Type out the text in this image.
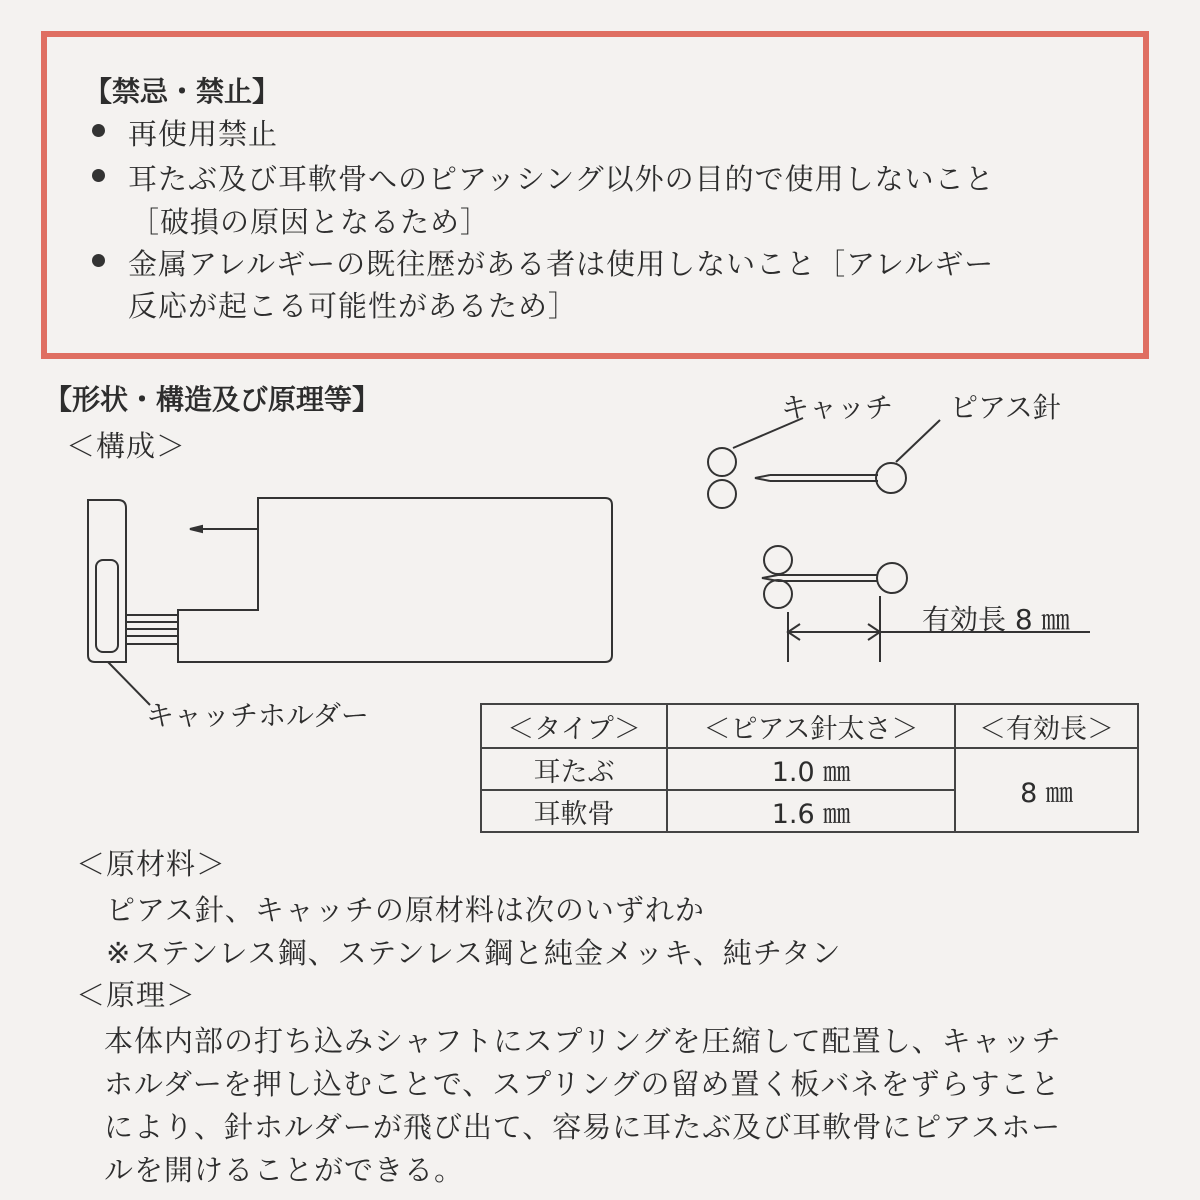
【禁忌・禁止】
再使用禁止
耳たぶ及び耳軟骨へのピアッシング以外の目的で使用しないこと
［破損の原因となるため］
金属アレルギーの既往歴がある者は使用しないこと［アレルギー
反応が起こる可能性があるため］
【形状・構造及び原理等】
＜構成＞
キャッチ ピアス針
有効長 8 ㎜
キャッチホルダー	＜タイプ＞	＜ピアス針太さ＞	＜有効長＞
耳たぶ	1.0 ㎜	8 ㎜
耳軟骨	1.6 ㎜	
＜原材料＞
ピアス針、キャッチの原材料は次のいずれか
※ステンレス鋼、ステンレス鋼と純金メッキ、純チタン
＜原理＞
本体内部の打ち込みシャフトにスプリングを圧縮して配置し、キャッチ
ホルダーを押し込むことで、スプリングの留め置く板バネをずらすこと
により、針ホルダーが飛び出て、容易に耳たぶ及び耳軟骨にピアスホー
ルを開けることができる。
